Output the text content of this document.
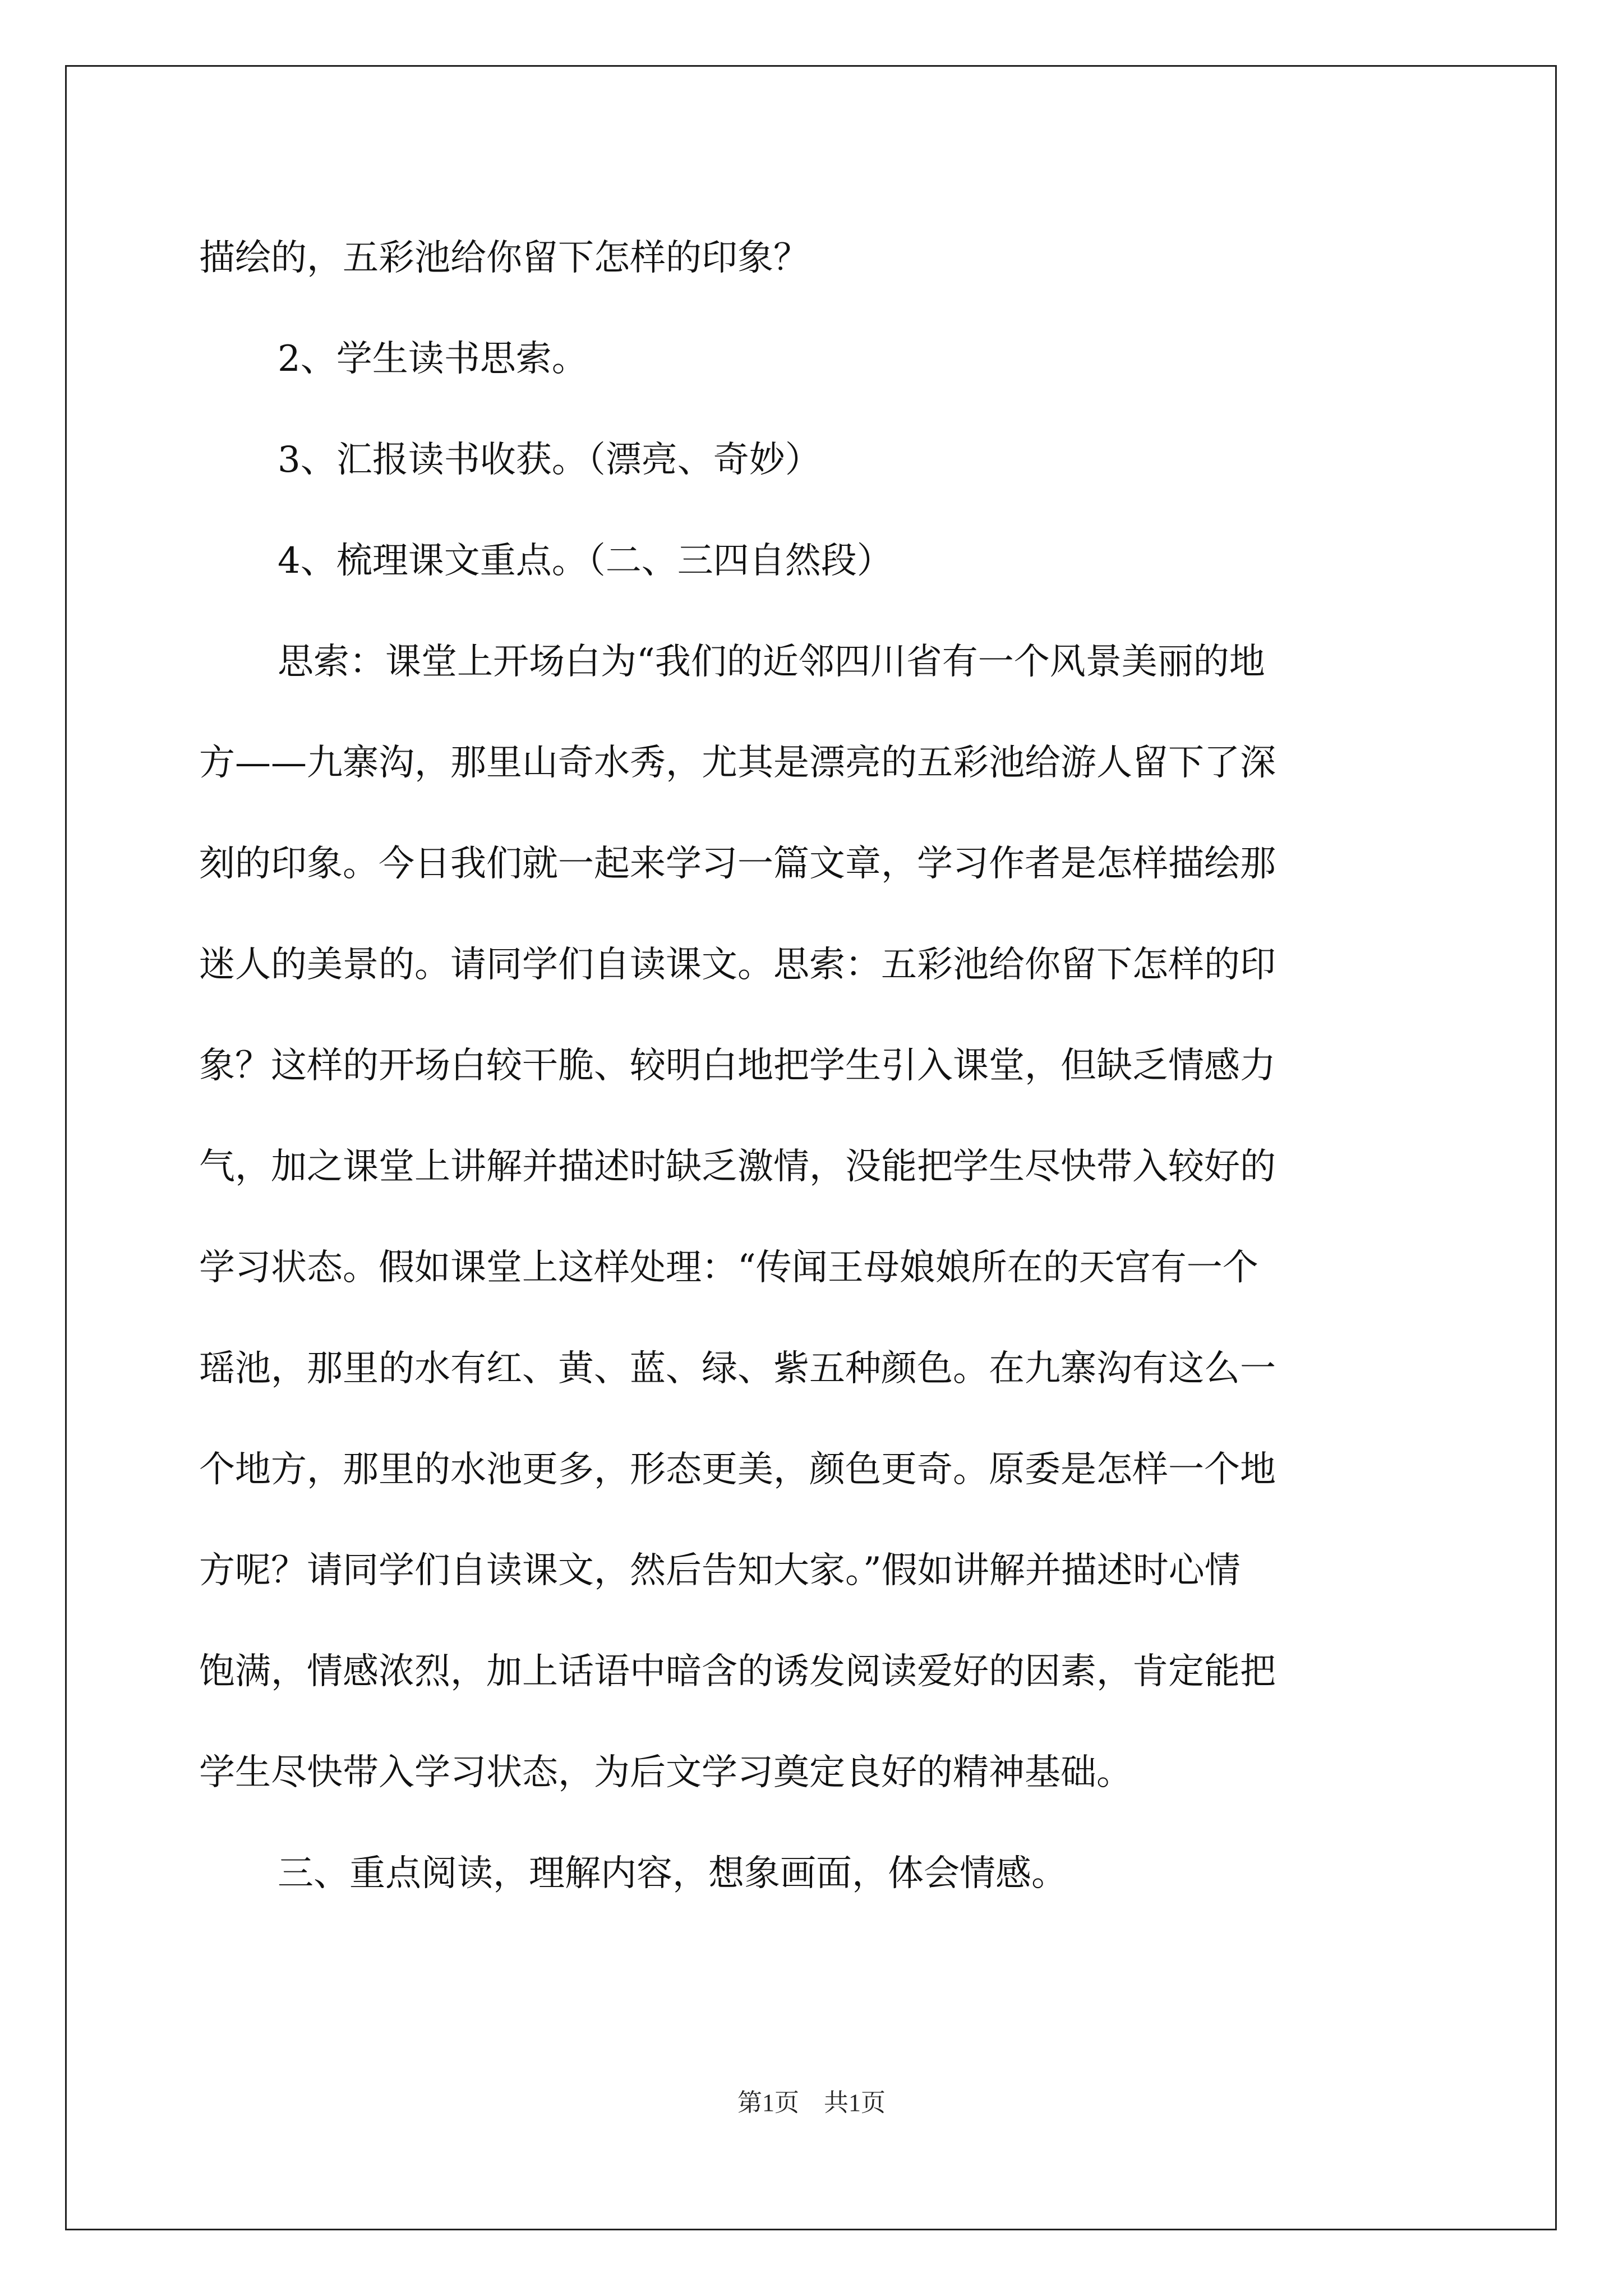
描绘的，五彩池给你留下怎样的印象？
2、学生读书思索。
3、汇报读书收获。（漂亮、奇妙）
4、梳理课文重点。（二、三四自然段）
思索：课堂上开场白为“我们的近邻四川省有一个风景美丽的地
方——九寨沟，那里山奇水秀，尤其是漂亮的五彩池给游人留下了深
刻的印象。今日我们就一起来学习一篇文章，学习作者是怎样描绘那
迷人的美景的。请同学们自读课文。思索：五彩池给你留下怎样的印
象？这样的开场白较干脆、较明白地把学生引入课堂，但缺乏情感力
气，加之课堂上讲解并描述时缺乏激情，没能把学生尽快带入较好的
学习状态。假如课堂上这样处理：“传闻王母娘娘所在的天宫有一个
瑶池，那里的水有红、黄、蓝、绿、紫五种颜色。在九寨沟有这么一
个地方，那里的水池更多，形态更美，颜色更奇。原委是怎样一个地
方呢？请同学们自读课文，然后告知大家。”假如讲解并描述时心情
饱满，情感浓烈，加上话语中暗含的诱发阅读爱好的因素，肯定能把
学生尽快带入学习状态，为后文学习奠定良好的精神基础。
三、重点阅读，理解内容，想象画面，体会情感。
第1页　共1页
